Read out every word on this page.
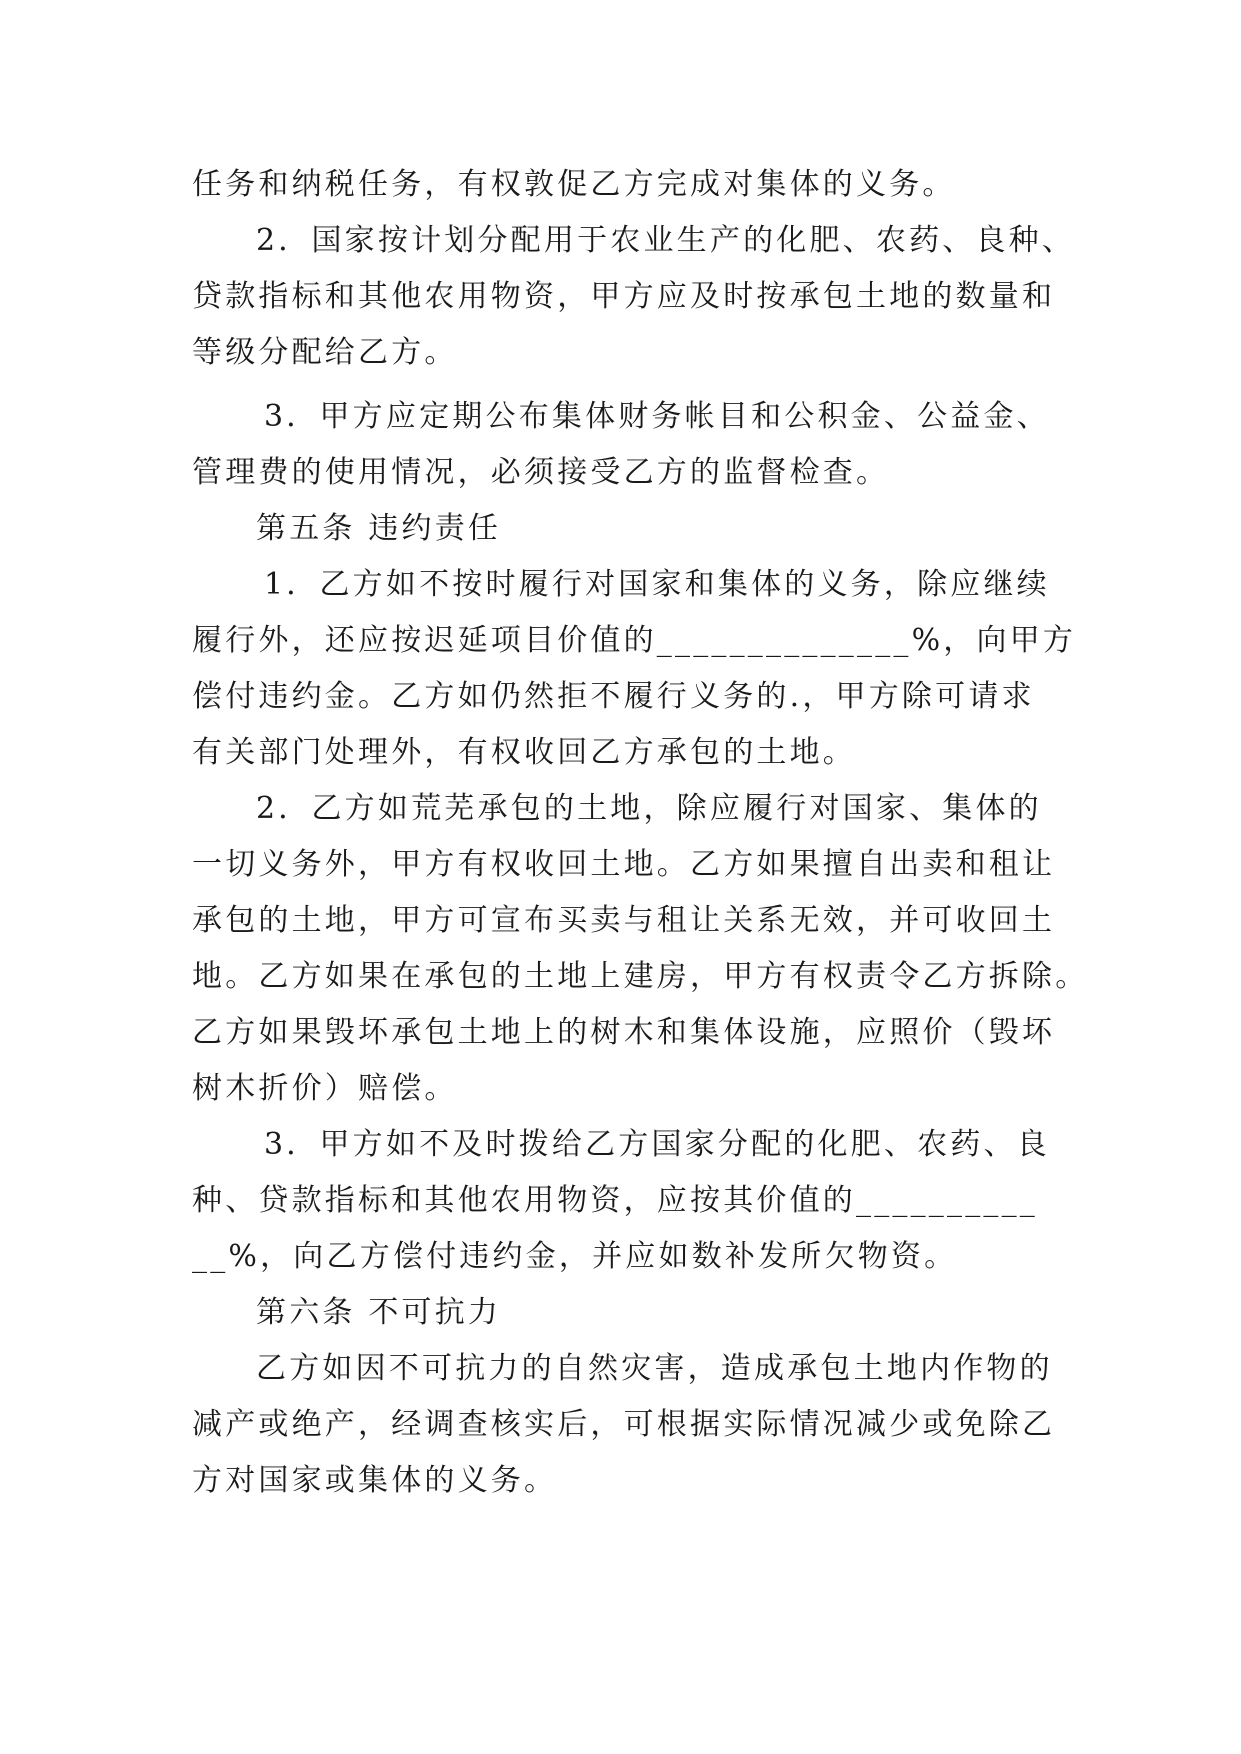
任务和纳税任务，有权敦促乙方完成对集体的义务。
2．国家按计划分配用于农业生产的化肥、农药、良种、
贷款指标和其他农用物资，甲方应及时按承包土地的数量和
等级分配给乙方。
3．甲方应定期公布集体财务帐目和公积金、公益金、
管理费的使用情况，必须接受乙方的监督检查。
第五条 违约责任
1．乙方如不按时履行对国家和集体的义务，除应继续
履行外，还应按迟延项目价值的______________%，向甲方
偿付违约金。乙方如仍然拒不履行义务的.，甲方除可请求
有关部门处理外，有权收回乙方承包的土地。
2．乙方如荒芜承包的土地，除应履行对国家、集体的
一切义务外，甲方有权收回土地。乙方如果擅自出卖和租让
承包的土地，甲方可宣布买卖与租让关系无效，并可收回土
地。乙方如果在承包的土地上建房，甲方有权责令乙方拆除。
乙方如果毁坏承包土地上的树木和集体设施，应照价（毁坏
树木折价）赔偿。
3．甲方如不及时拨给乙方国家分配的化肥、农药、良
种、贷款指标和其他农用物资，应按其价值的__________
__%，向乙方偿付违约金，并应如数补发所欠物资。
第六条 不可抗力
乙方如因不可抗力的自然灾害，造成承包土地内作物的
减产或绝产，经调查核实后，可根据实际情况减少或免除乙
方对国家或集体的义务。
